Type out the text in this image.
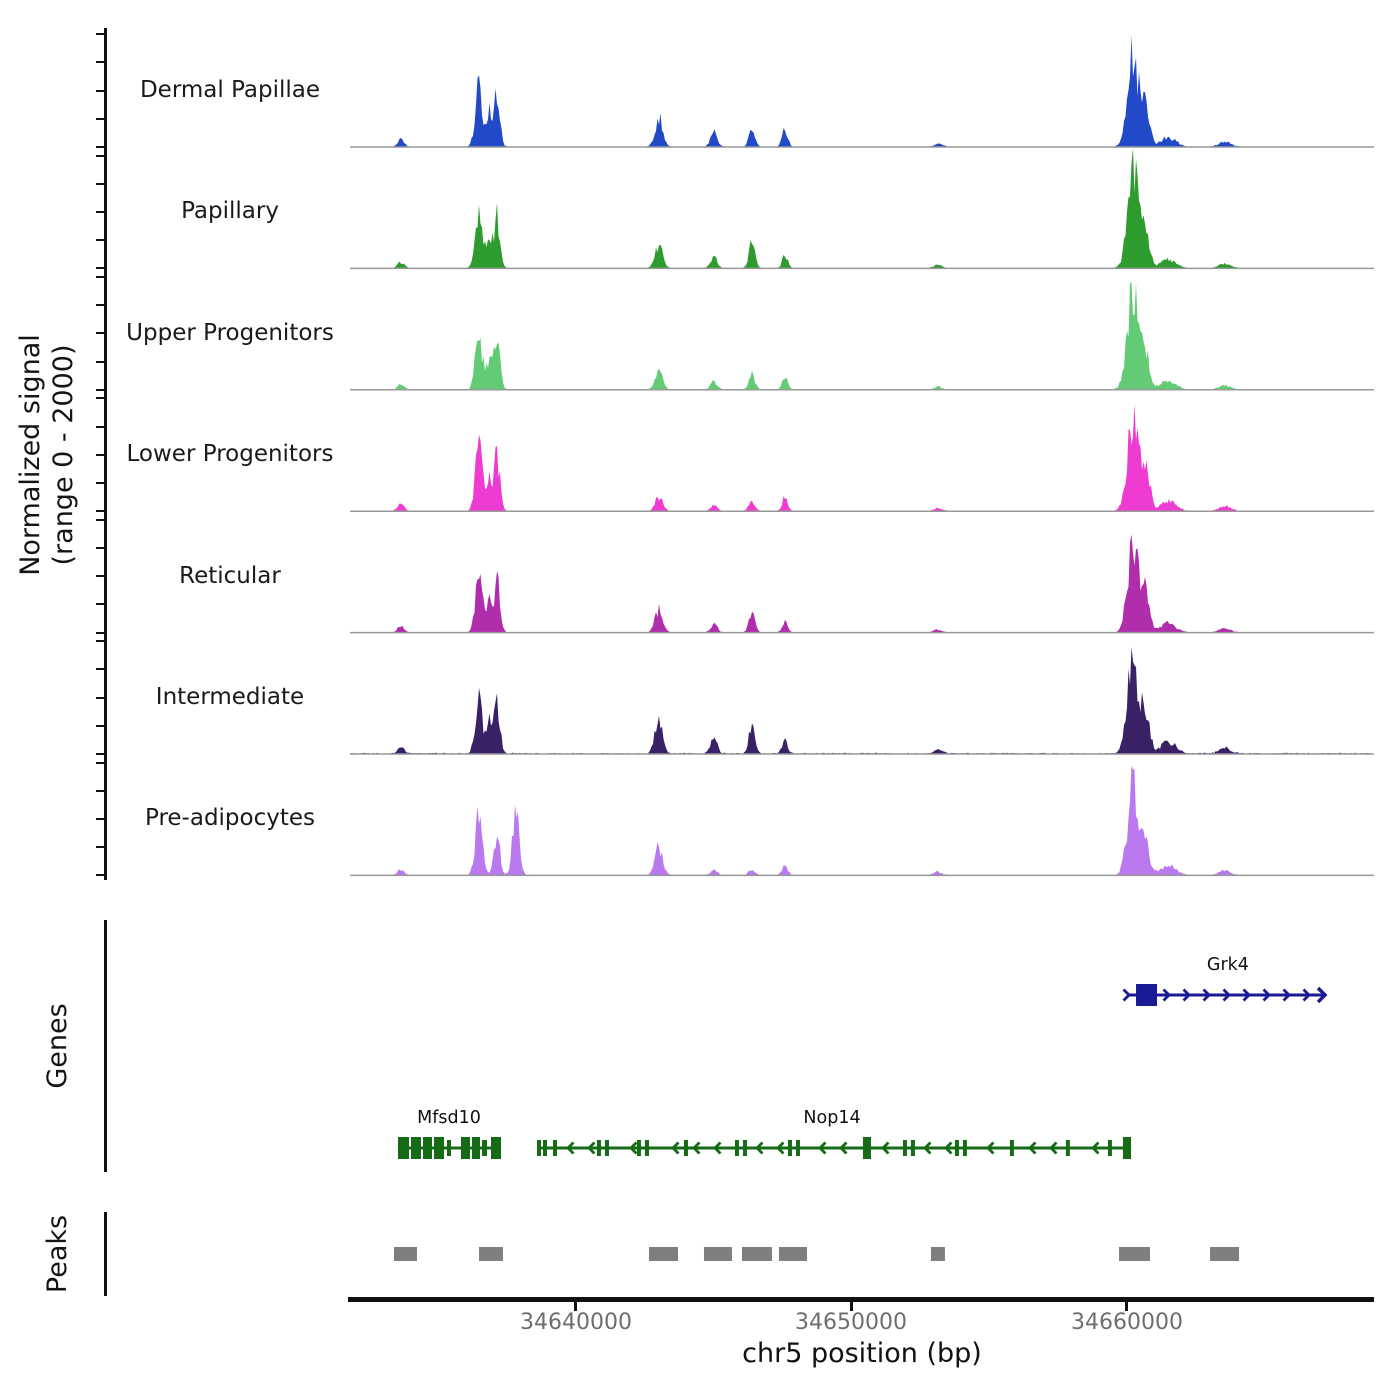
Normalized signal (range 0 - 2000)
Dermal Papillae
Papillary
Upper Progenitors
Lower Progenitors
Reticular
Intermediate
Pre-adipocytes
Genes
Grk4
Mfsd10	Nop14
Peaks
34640000	34650000	34660000
chr5 position (bp)
